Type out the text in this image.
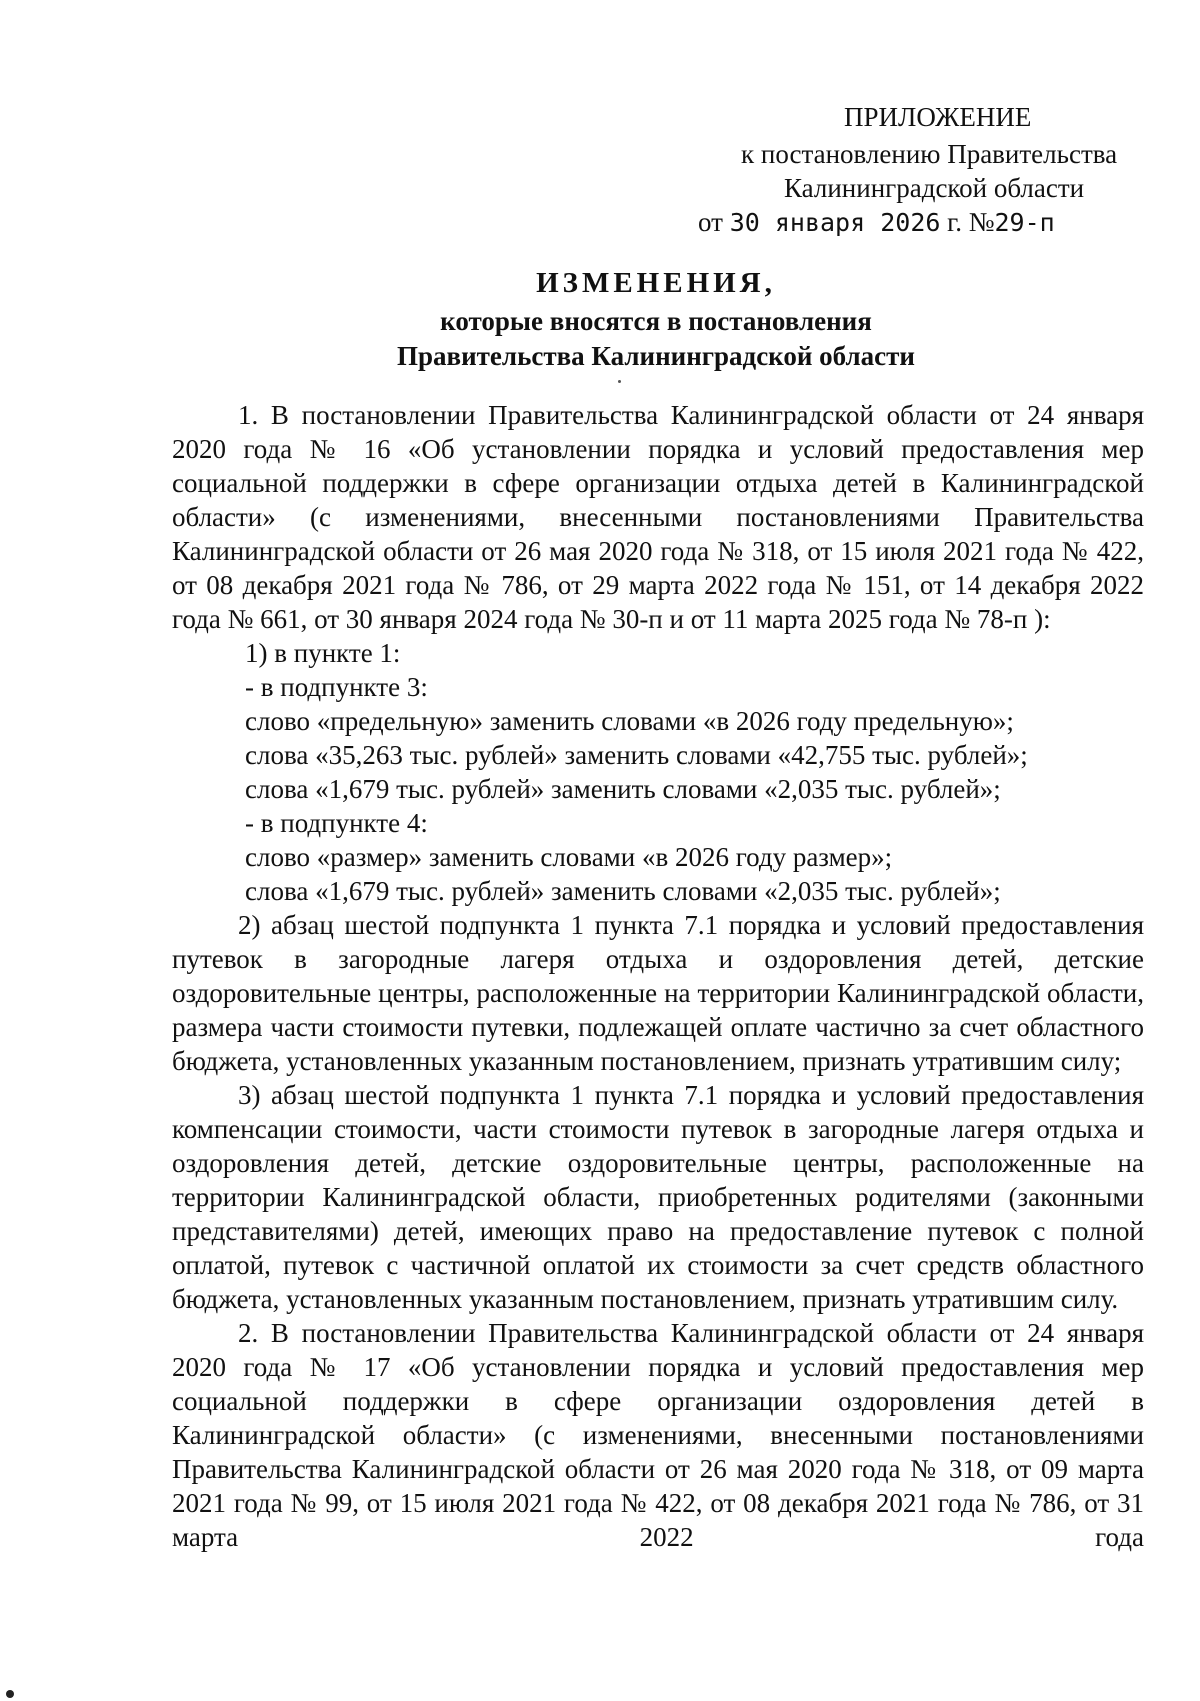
ПРИЛОЖЕНИЕ
к постановлению Правительства
Калининградской области
от 30 января 2026 г. №29-п
ИЗМЕНЕНИЯ,
которые вносятся в постановления
Правительства Калининградской области

1. В постановлении Правительства Калининградской области от 24 января 2020 года № 16 «Об установлении порядка и условий предоставления мер социальной поддержки в сфере организации отдыха детей в Калининградской области» (с изменениями, внесенными постановлениями Правительства Калининградской области от 26 мая 2020 года № 318, от 15 июля 2021 года № 422, от 08 декабря 2021 года № 786, от 29 марта 2022 года № 151, от 14 декабря 2022 года № 661, от 30 января 2024 года № 30-п и от 11 марта 2025 года № 78-п ):

1) в пункте 1:

- в подпункте 3:

слово «предельную» заменить словами «в 2026 году предельную»;

слова «35,263 тыс. рублей» заменить словами «42,755 тыс. рублей»;

слова «1,679 тыс. рублей» заменить словами «2,035 тыс. рублей»;

- в подпункте 4:

слово «размер» заменить словами «в 2026 году размер»;

слова «1,679 тыс. рублей» заменить словами «2,035 тыс. рублей»;

2) абзац шестой подпункта 1 пункта 7.1 порядка и условий предоставления путевок в загородные лагеря отдыха и оздоровления детей, детские оздоровительные центры, расположенные на территории Калининградской области, размера части стоимости путевки, подлежащей оплате частично за счет областного бюджета, установленных указанным постановлением, признать утратившим силу;

3) абзац шестой подпункта 1 пункта 7.1 порядка и условий предоставления компенсации стоимости, части стоимости путевок в загородные лагеря отдыха и оздоровления детей, детские оздоровительные центры, расположенные на территории Калининградской области, приобретенных родителями (законными представителями) детей, имеющих право на предоставление путевок с полной оплатой, путевок с частичной оплатой их стоимости за счет средств областного бюджета, установленных указанным постановлением, признать утратившим силу.

2. В постановлении Правительства Калининградской области от 24 января 2020 года № 17 «Об установлении порядка и условий предоставления мер социальной поддержки в сфере организации оздоровления детей в Калининградской области» (с изменениями, внесенными постановлениями Правительства Калининградской области от 26 мая 2020 года № 318, от 09 марта 2021 года № 99, от 15 июля 2021 года № 422, от 08 декабря 2021 года № 786, от 31 марта 2022 года
